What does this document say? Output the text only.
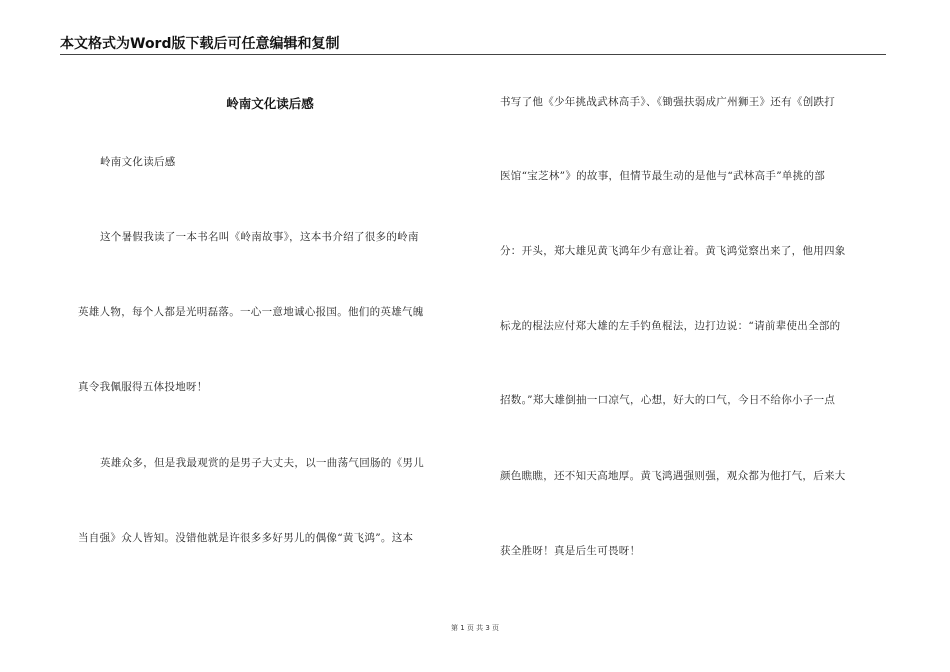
本文格式为Word版下载后可任意编辑和复制
岭南文化读后感
岭南文化读后感
这个暑假我读了一本书名叫《岭南故事》，这本书介绍了很多的岭南
英雄人物，每个人都是光明磊落。一心一意地诚心报国。他们的英雄气魄
真令我佩服得五体投地呀！
英雄众多，但是我最观赏的是男子大丈夫，以一曲荡气回肠的《男儿
当自强》众人皆知。没错他就是许很多多好男儿的偶像“黄飞鸿”。这本
书写了他《少年挑战武林高手》、《锄强扶弱成广州狮王》还有《创跌打
医馆“宝芝林”》的故事，但情节最生动的是他与“武林高手”单挑的部
分：开头，郑大雄见黄飞鸿年少有意让着。黄飞鸿觉察出来了，他用四象
标龙的棍法应付郑大雄的左手钓鱼棍法，边打边说：“请前辈使出全部的
招数。”郑大雄倒抽一口凉气，心想，好大的口气，今日不给你小子一点
颜色瞧瞧，还不知天高地厚。黄飞鸿遇强则强，观众都为他打气，后来大
获全胜呀！真是后生可畏呀！
第 1 页 共 3 页
